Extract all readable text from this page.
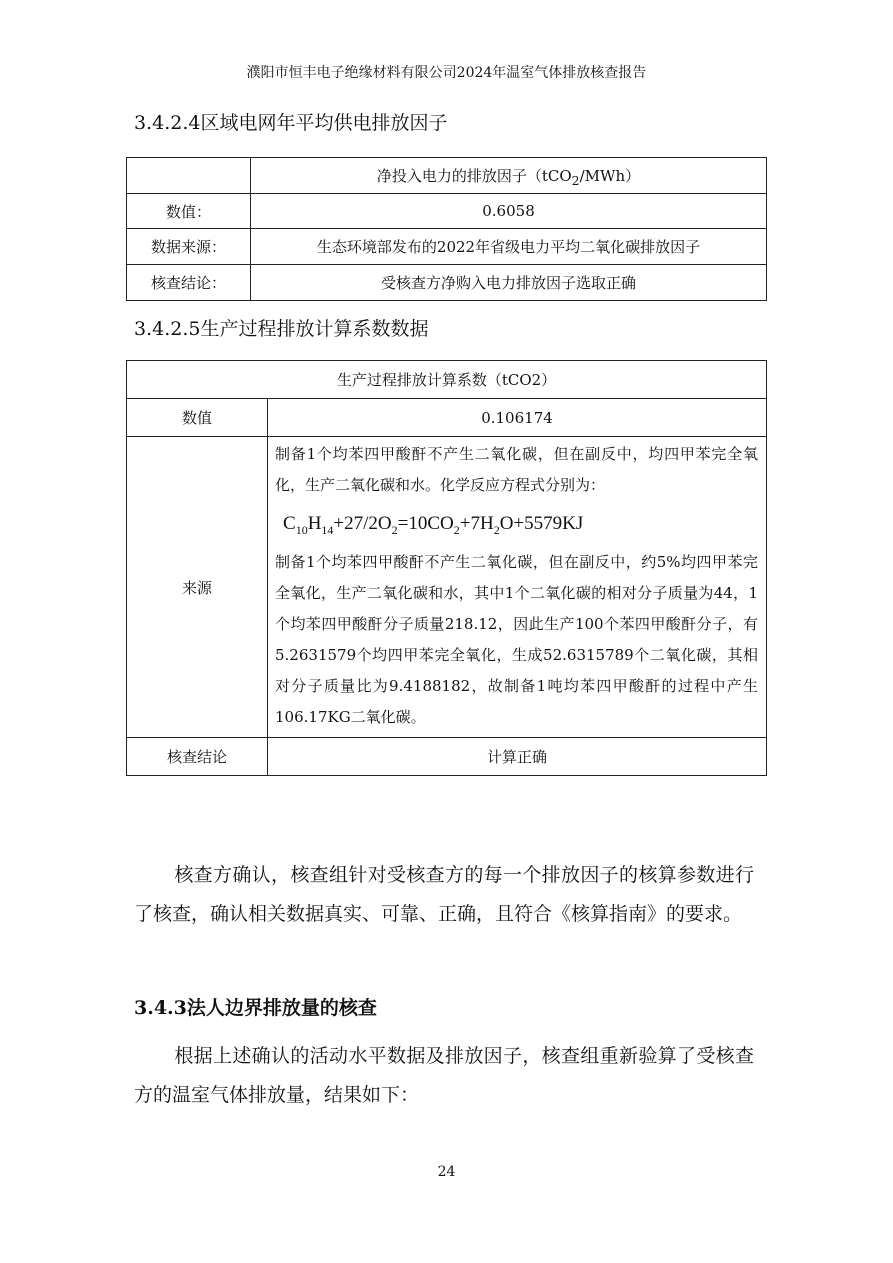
濮阳市恒丰电子绝缘材料有限公司2024年温室气体排放核查报告
3.4.2.4区域电网年平均供电排放因子
	净投入电力的排放因子（tCO$_2$/MWh）
数值：	0.6058
数据来源：	生态环境部发布的2022年省级电力平均二氧化碳排放因子
核查结论：	受核查方净购入电力排放因子选取正确
3.4.2.5生产过程排放计算系数数据
生产过程排放计算系数（tCO2）	
数值	0.106174
来源	制备1个均苯四甲酸酐不产生二氧化碳，但在副反中，均四甲苯完全氧化，生产二氧化碳和水。化学反应方程式分别为：

$C_{10}H_{14}+27/2O_2=10CO_2+7H_2O+5579KJ$

制备1个均苯四甲酸酐不产生二氧化碳，但在副反中，约5%均四甲苯完全氧化，生产二氧化碳和水，其中1个二氧化碳的相对分子质量为44，1个均苯四甲酸酐分子质量218.12，因此生产100个苯四甲酸酐分子，有5.2631579个均四甲苯完全氧化，生成52.6315789个二氧化碳，其相对分子质量比为9.4188182，故制备1吨均苯四甲酸酐的过程中产生106.17KG二氧化碳。

核查结论	计算正确
核查方确认，核查组针对受核查方的每一个排放因子的核算参数进行了核查，确认相关数据真实、可靠、正确，且符合《核算指南》的要求。
3.4.3法人边界排放量的核查
根据上述确认的活动水平数据及排放因子，核查组重新验算了受核查方的温室气体排放量，结果如下：
24
